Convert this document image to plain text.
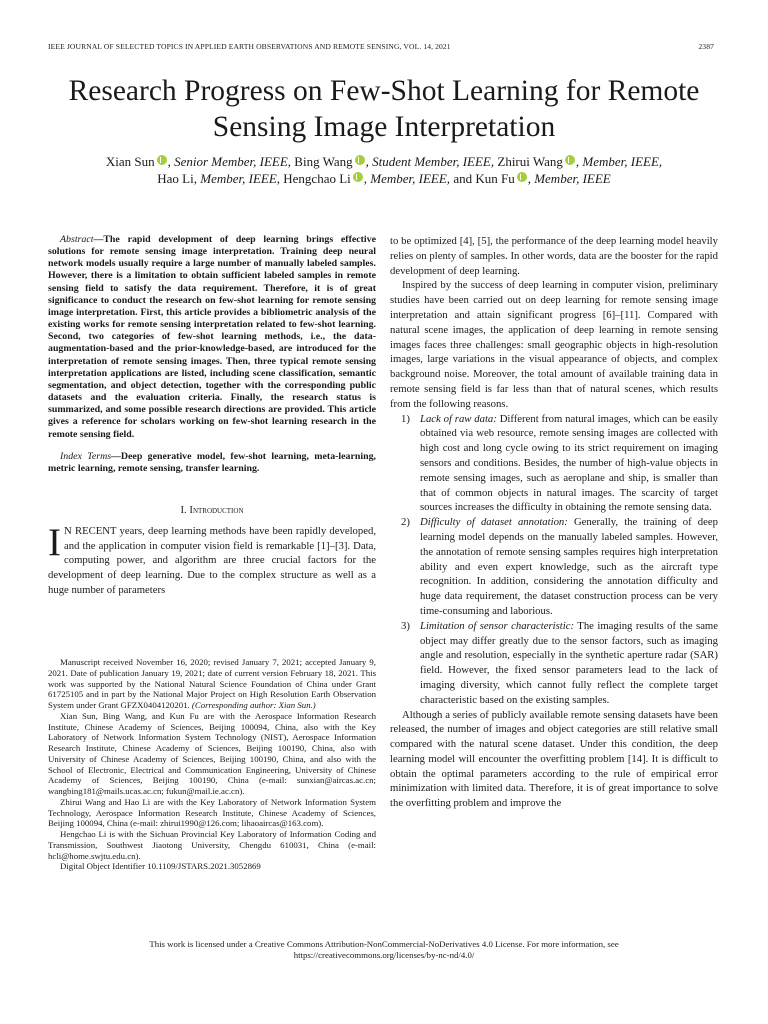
IEEE JOURNAL OF SELECTED TOPICS IN APPLIED EARTH OBSERVATIONS AND REMOTE SENSING, VOL. 14, 2021	2387
Research Progress on Few-Shot Learning for Remote Sensing Image Interpretation
Xian Sun , Senior Member, IEEE, Bing Wang , Student Member, IEEE, Zhirui Wang , Member, IEEE,
Hao Li, Member, IEEE, Hengchao Li , Member, IEEE, and Kun Fu , Member, IEEE

Abstract—The rapid development of deep learning brings effective solutions for remote sensing image interpretation. Training deep neural network models usually require a large number of manually labeled samples. However, there is a limitation to obtain sufficient labeled samples in remote sensing field to satisfy the data requirement. Therefore, it is of great significance to conduct the research on few-shot learning for remote sensing image interpretation. First, this article provides a bibliometric analysis of the existing works for remote sensing interpretation related to few-shot learning. Second, two categories of few-shot learning methods, i.e., the data-augmentation-based and the prior-knowledge-based, are introduced for the interpretation of remote sensing images. Then, three typical remote sensing interpretation applications are listed, including scene classification, semantic segmentation, and object detection, together with the corresponding public datasets and the evaluation criteria. Finally, the research status is summarized, and some possible research directions are provided. This article gives a reference for scholars working on few-shot learning research in the remote sensing field.

Index Terms—Deep generative model, few-shot learning, meta-learning, metric learning, remote sensing, transfer learning.

I. Introduction

I N RECENT years, deep learning methods have been rapidly developed, and the application in computer vision field is remarkable [1]–[3]. Data, computing power, and algorithm are three crucial factors for the development of deep learning. Due to the complex structure as well as a huge number of parameters

Manuscript received November 16, 2020; revised January 7, 2021; accepted January 9, 2021. Date of publication January 19, 2021; date of current version February 18, 2021. This work was supported by the National Natural Science Foundation of China under Grant 61725105 and in part by the National Major Project on High Resolution Earth Observation System under Grant GFZX0404120201. (Corresponding author: Xian Sun.)

Xian Sun, Bing Wang, and Kun Fu are with the Aerospace Information Research Institute, Chinese Academy of Sciences, Beijing 100094, China, also with the Key Laboratory of Network Information System Technology (NIST), Aerospace Information Research Institute, Chinese Academy of Sciences, Beijing 100190, China, also with University of Chinese Academy of Sciences, Beijing 100190, China, and also with the School of Electronic, Electrical and Communication Engineering, University of Chinese Academy of Sciences, Beijing 100190, China (e-mail: sunxian@aircas.ac.cn; wangbing181@mails.ucas.ac.cn; fukun@mail.ie.ac.cn).

Zhirui Wang and Hao Li are with the Key Laboratory of Network Information System Technology, Aerospace Information Research Institute, Chinese Academy of Sciences, Beijing 100094, China (e-mail: zhirui1990@126.com; lihaoaircas@163.com).

Hengchao Li is with the Sichuan Provincial Key Laboratory of Information Coding and Transmission, Southwest Jiaotong University, Chengdu 610031, China (e-mail: hcli@home.swjtu.edu.cn).

Digital Object Identifier 10.1109/JSTARS.2021.3052869

to be optimized [4], [5], the performance of the deep learning model heavily relies on plenty of samples. In other words, data are the booster for the rapid development of deep learning.

Inspired by the success of deep learning in computer vision, preliminary studies have been carried out on deep learning for remote sensing image interpretation and attain significant progress [6]–[11]. Compared with natural scene images, the application of deep learning in remote sensing images faces three challenges: small geographic objects in high-resolution images, large variations in the visual appearance of objects, and complex background noise. Moreover, the total amount of available training data in remote sensing field is far less than that of natural scenes, which results from the following reasons.

1) Lack of raw data: Different from natural images, which can be easily obtained via web resource, remote sensing images are collected with high cost and long cycle owing to its strict requirement on imaging sensors and conditions. Besides, the number of high-value objects in remote sensing images, such as aeroplane and ship, is smaller than that of common objects in natural images. The scarcity of target sources increases the difficulty in obtaining the remote sensing data.
2) Difficulty of dataset annotation: Generally, the training of deep learning model depends on the manually labeled samples. However, the annotation of remote sensing samples requires high interpretation ability and even expert knowledge, such as the aircraft type recognition. In addition, considering the annotation difficulty and huge data requirement, the dataset construction process can be very time-consuming and laborious.
3) Limitation of sensor characteristic: The imaging results of the same object may differ greatly due to the sensor factors, such as imaging angle and resolution, especially in the synthetic aperture radar (SAR) field. However, the fixed sensor parameters lead to the lack of imaging diversity, which cannot fully reflect the complete target characteristic based on the existing samples.

Although a series of publicly available remote sensing datasets have been released, the number of images and object categories are still relative small compared with the natural scene dataset. Under this condition, the deep learning model will encounter the overfitting problem [14]. It is difficult to obtain the optimal parameters according to the rule of empirical error minimization with limited data. Therefore, it is of great importance to solve the overfitting problem and improve the

This work is licensed under a Creative Commons Attribution-NonCommercial-NoDerivatives 4.0 License. For more information, see
https://creativecommons.org/licenses/by-nc-nd/4.0/
